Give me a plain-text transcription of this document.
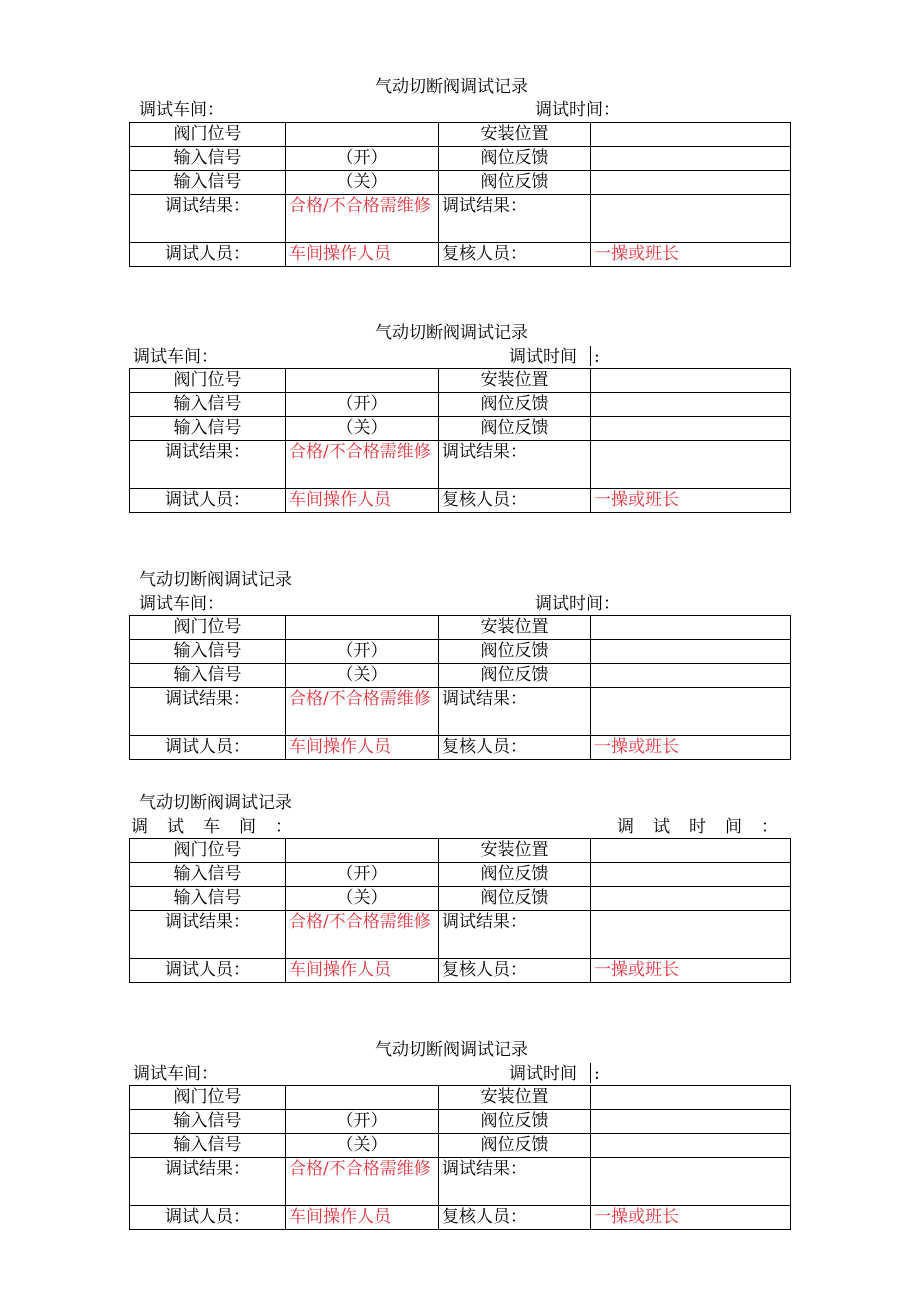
气动切断阀调试记录
调试车间：	调试时间：
阀门位号		安装位置	
输入信号	（开）	阀位反馈	
输入信号	（关）	阀位反馈	
调试结果：	合格/不合格需维修	调试结果：	
调试人员：	车间操作人员	复核人员：	一操或班长
气动切断阀调试记录
调试车间：	调试时间 :
阀门位号		安装位置	
输入信号	（开）	阀位反馈	
输入信号	（关）	阀位反馈	
调试结果：	合格/不合格需维修	调试结果：	
调试人员：	车间操作人员	复核人员：	一操或班长
气动切断阀调试记录
调试车间：	调试时间：
阀门位号		安装位置	
输入信号	（开）	阀位反馈	
输入信号	（关）	阀位反馈	
调试结果：	合格/不合格需维修	调试结果：	
调试人员：	车间操作人员	复核人员：	一操或班长
气动切断阀调试记录
调试车间：	调试时间：
阀门位号		安装位置	
输入信号	（开）	阀位反馈	
输入信号	（关）	阀位反馈	
调试结果：	合格/不合格需维修	调试结果：	
调试人员：	车间操作人员	复核人员：	一操或班长
气动切断阀调试记录
调试车间：	调试时间 :
阀门位号		安装位置	
输入信号	（开）	阀位反馈	
输入信号	（关）	阀位反馈	
调试结果：	合格/不合格需维修	调试结果：	
调试人员：	车间操作人员	复核人员：	一操或班长
